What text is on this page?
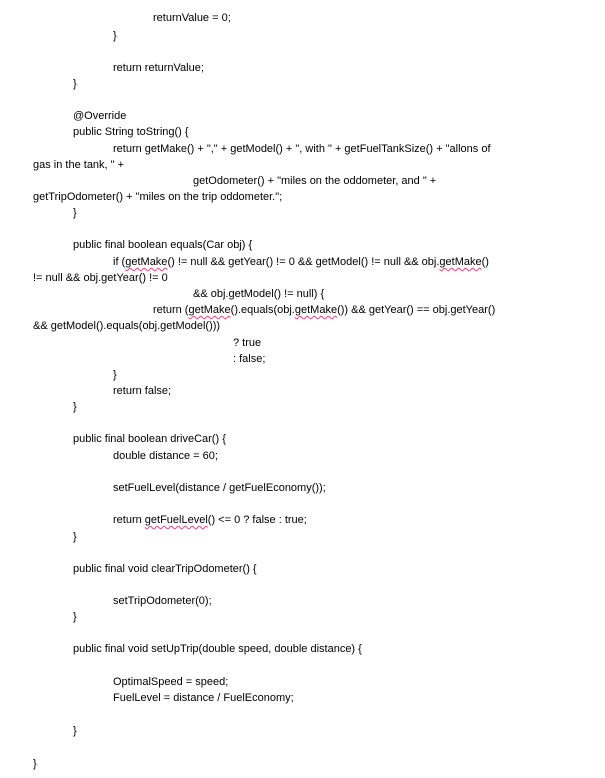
returnValue = 0;
}
return returnValue;
}
@Override
public String toString() {
return getMake() + "," + getModel() + ", with " + getFuelTankSize() + "allons of
gas in the tank, " +
getOdometer() + "miles on the oddometer, and " +
getTripOdometer() + "miles on the trip oddometer.";
}
public final boolean equals(Car obj) {
if (getMake() != null && getYear() != 0 && getModel() != null && obj.getMake()
!= null && obj.getYear() != 0
&& obj.getModel() != null) {
return (getMake().equals(obj.getMake()) && getYear() == obj.getYear()
&& getModel().equals(obj.getModel()))
? true
: false;
}
return false;
}
public final boolean driveCar() {
double distance = 60;
setFuelLevel(distance / getFuelEconomy());
return getFuelLevel() <= 0 ? false : true;
}
public final void clearTripOdometer() {
setTripOdometer(0);
}
public final void setUpTrip(double speed, double distance) {
OptimalSpeed = speed;
FuelLevel = distance / FuelEconomy;
}
}
